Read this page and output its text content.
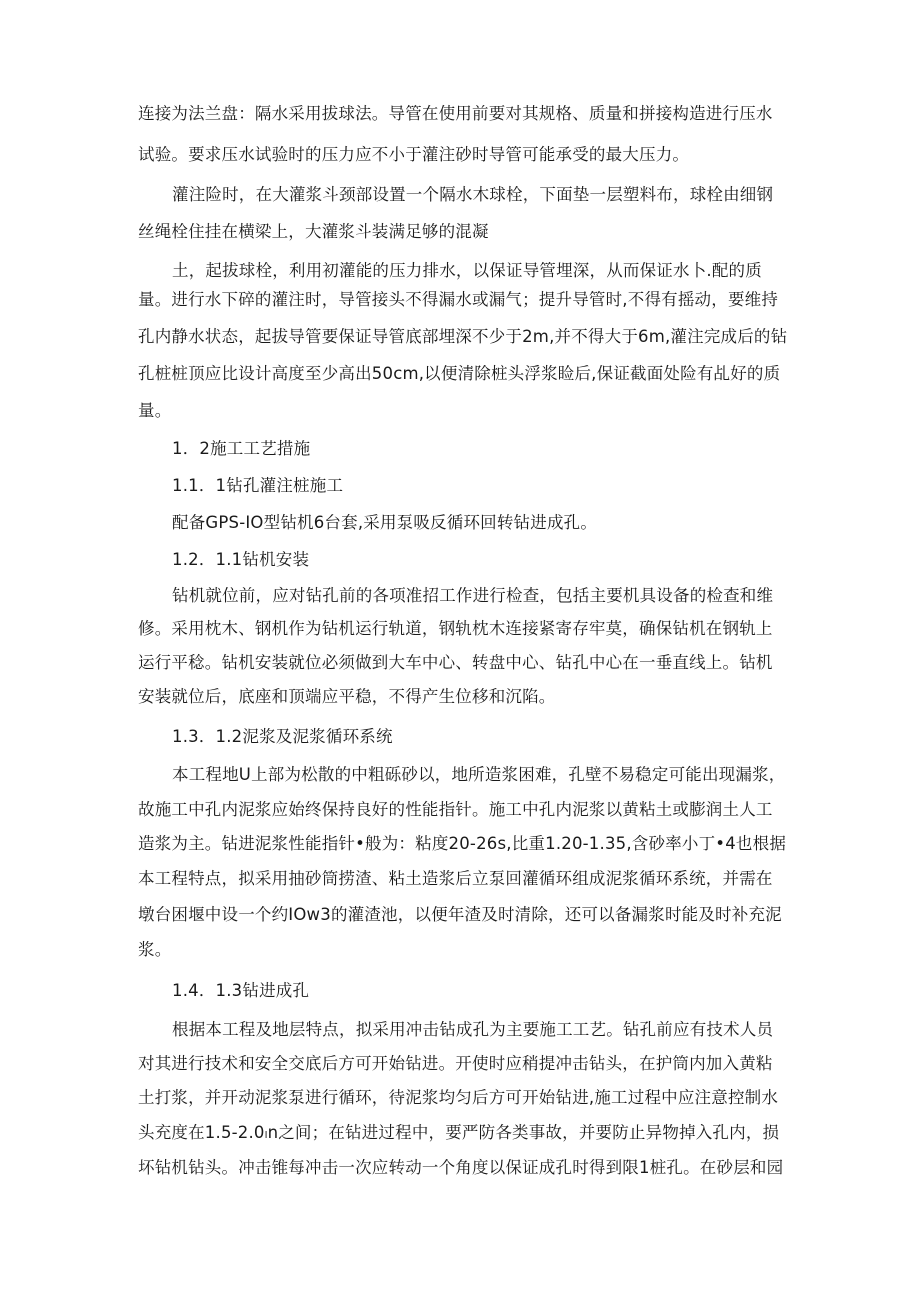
连接为法兰盘：隔水采用拔球法。导管在使用前要对其规格、质量和拼接构造进行压水
试验。要求压水试验时的压力应不小于灌注砂时导管可能承受的最大压力。
灌注险时，在大灌浆斗颈部设置一个隔水木球栓，下面垫一层塑料布，球栓由细钢
丝绳栓住挂在横梁上，大灌浆斗装满足够的混凝
土，起拔球栓，利用初灌能的压力排水，以保证导管埋深，从而保证水卜.配的质
量。进行水下碎的灌注时，导管接头不得漏水或漏气；提升导管时,不得有摇动，要维持
孔内静水状态，起拔导管要保证导管底部埋深不少于2m,并不得大于6m,灌注完成后的钻
孔桩桩顶应比设计高度至少高出50cm,以便清除桩头浮浆睑后,保证截面处险有乩好的质
量。
1．2施工工艺措施
1.1．1钻孔灌注桩施工
配备GPS-IO型钻机6台套,采用泵吸反循环回转钻进成孔。
1.2．1.1钻机安装
钻机就位前，应对钻孔前的各项准招工作进行检查，包括主要机具设备的检查和维
修。采用枕木、钢机作为钻机运行轨道，钢轨枕木连接紧寄存牢莫，确保钻机在钢轨上
运行平稔。钻机安装就位必须做到大车中心、转盘中心、钻孔中心在一垂直线上。钻机
安装就位后，底座和顶端应平稳，不得产生位移和沉陷。
1.3．1.2泥浆及泥浆循环系统
本工程地U上部为松散的中粗砾砂以，地所造浆困难，孔壁不易稳定可能出现漏浆，
故施工中孔内泥浆应始终保持良好的性能指针。施工中孔内泥浆以黄粘土或膨润土人工
造浆为主。钻进泥浆性能指针•般为：粘度20-26s,比重1.20-1.35,含砂率小丁•4也根据
本工程特点，拟采用抽砂筒捞渣、粘土造浆后立泵回灌循环组成泥浆循环系统，并需在
墩台困堰中设一个约IOw3的灌渣池，以便年渣及时清除，还可以备漏浆时能及时补充泥
浆。
1.4．1.3钻进成孔
根据本工程及地层特点，拟采用冲击钻成孔为主要施工工艺。钻孔前应有技术人员
对其进行技术和安全交底后方可开始钻进。开使时应稍提冲击钻头，在护筒内加入黄粘
土打浆，并开动泥浆泵进行循环，待泥浆均匀后方可开始钻进,施工过程中应注意控制水
头充度在1.5-2.0ₗn之间；在钻进过程中，要严防各类事故，并要防止异物掉入孔内，损
坏钻机钻头。冲击锥每冲击一次应转动一个角度以保证成孔时得到限1桩孔。在砂层和园
